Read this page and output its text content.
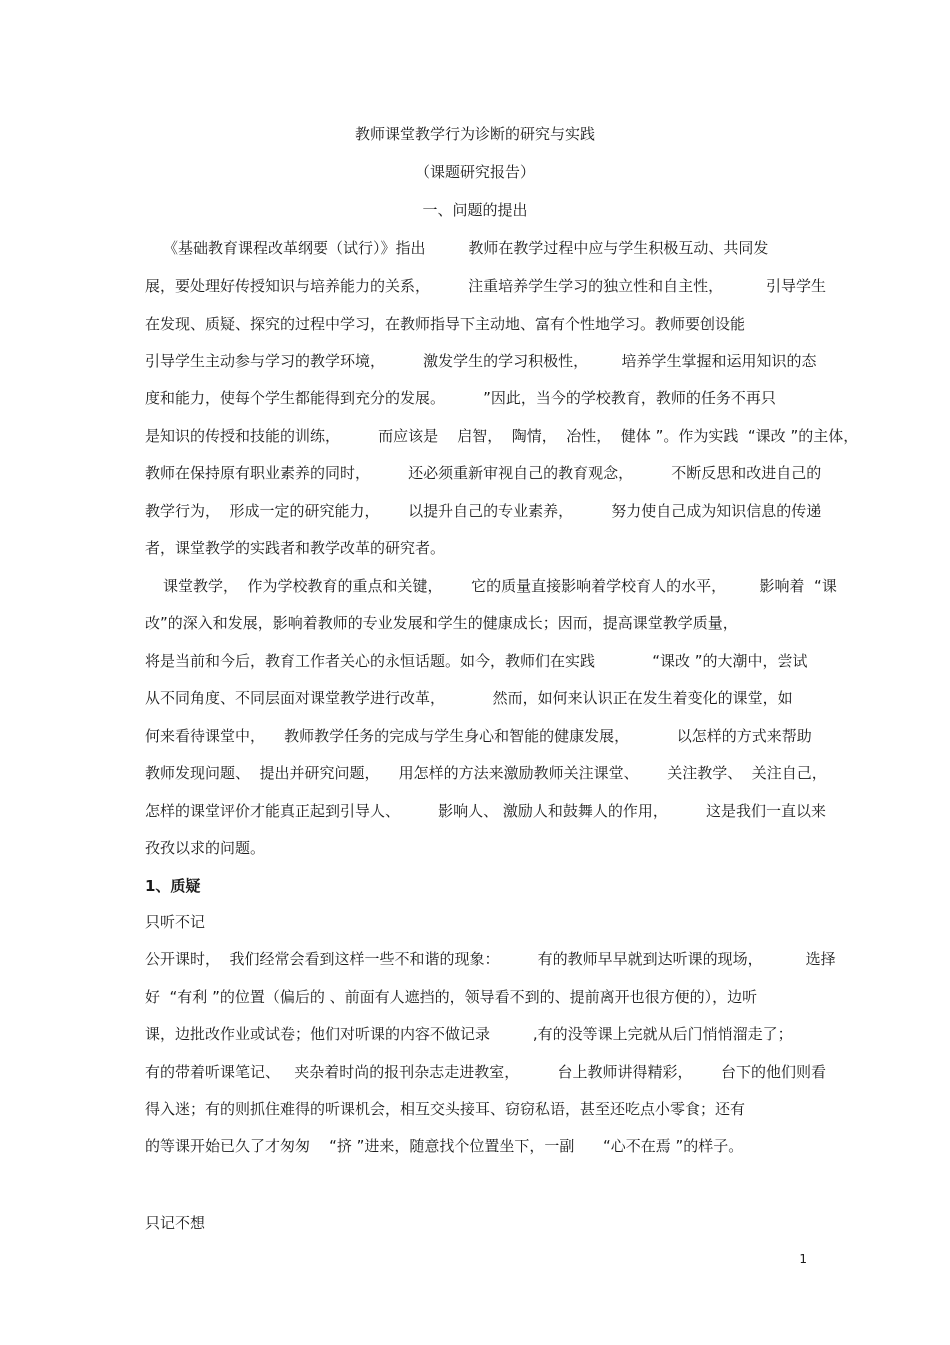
教师课堂教学行为诊断的研究与实践
（课题研究报告）
一、问题的提出
《基础教育课程改革纲要（试行）》指出         教师在教学过程中应与学生积极互动、共同发
展，要处理好传授知识与培养能力的关系，        注重培养学生学习的独立性和自主性，         引导学生
在发现、质疑、探究的过程中学习，在教师指导下主动地、富有个性地学习。教师要创设能
引导学生主动参与学习的教学环境，        激发学生的学习积极性，       培养学生掌握和运用知识的态
度和能力，使每个学生都能得到充分的发展。        ”因此，当今的学校教育，教师的任务不再只
是知识的传授和技能的训练，        而应该是    启智，  陶情，  冶性，  健体 ”。作为实践  “课改 ”的主体，
教师在保持原有职业素养的同时，        还必须重新审视自己的教育观念，        不断反思和改进自己的
教学行为，  形成一定的研究能力，      以提升自己的专业素养，        努力使自己成为知识信息的传递
者，课堂教学的实践者和教学改革的研究者。
课堂教学，  作为学校教育的重点和关键，      它的质量直接影响着学校育人的水平，       影响着  “课
改”的深入和发展，影响着教师的专业发展和学生的健康成长；因而，提高课堂教学质量，
将是当前和今后，教育工作者关心的永恒话题。如今，教师们在实践            “课改 ”的大潮中，尝试
从不同角度、不同层面对课堂教学进行改革，          然而，如何来认识正在发生着变化的课堂，如
何来看待课堂中，    教师教学任务的完成与学生身心和智能的健康发展，          以怎样的方式来帮助
教师发现问题、  提出并研究问题，    用怎样的方法来激励教师关注课堂、      关注教学、  关注自己，
怎样的课堂评价才能真正起到引导人、        影响人、 激励人和鼓舞人的作用，        这是我们一直以来
孜孜以求的问题。
1、质疑
只听不记
公开课时，  我们经常会看到这样一些不和谐的现象：        有的教师早早就到达听课的现场，         选择
好  “有利 ”的位置（偏后的 、前面有人遮挡的，领导看不到的、提前离开也很方便的），边听
课，边批改作业或试卷；他们对听课的内容不做记录         ,有的没等课上完就从后门悄悄溜走了；
有的带着听课笔记、   夹杂着时尚的报刊杂志走进教室，        台上教师讲得精彩，      台下的他们则看
得入迷；有的则抓住难得的听课机会，相互交头接耳、窃窃私语，甚至还吃点小零食；还有
的等课开始已久了才匆匆    “挤 ”进来，随意找个位置坐下，一副      “心不在焉 ”的样子。
只记不想
1
